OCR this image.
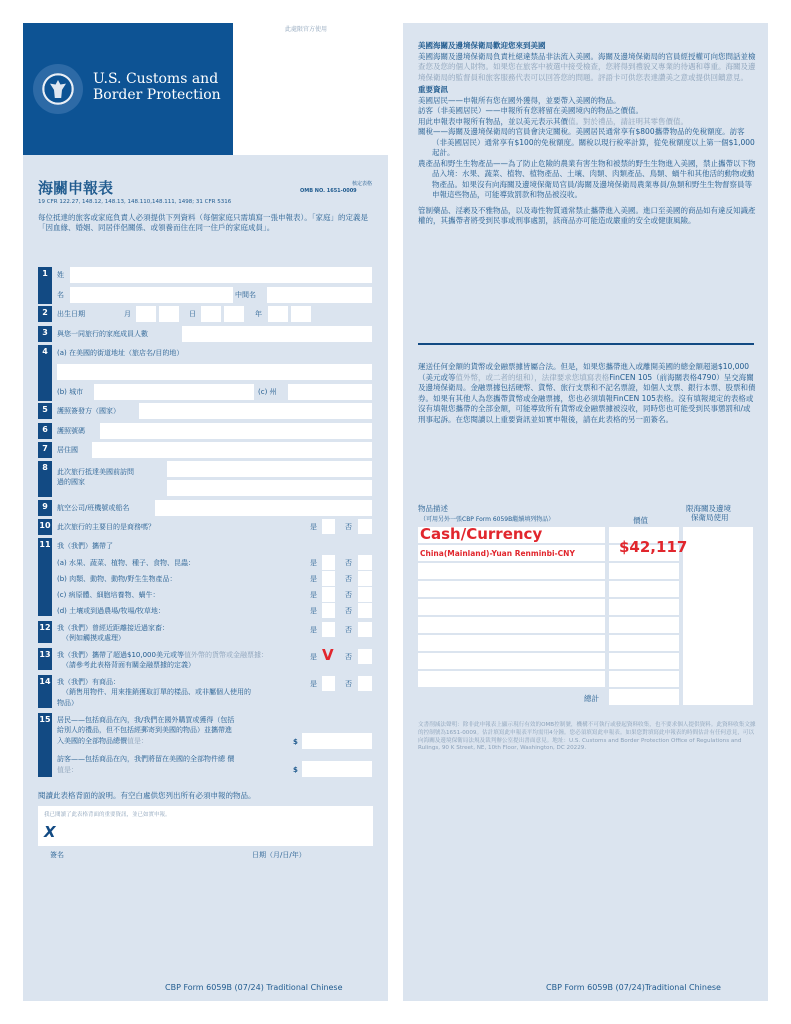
U.S. Customs and
Border Protection
此處限官方使用
海關申報表
19 CFR 122.27, 148.12, 148.13, 148.110,148.111, 1498; 31 CFR 5316
核定表格
OMB NO. 1651-0009
每位抵達的旅客或家庭負責人必須提供下列資料（每個家庭只需填寫一張申報表）。「家庭」的定義是「因血緣、婚姻、同居伴侶關係、或領養而住在同一住戶的家庭成員」。
1	姓
名	中間名
2	出生日期	月	日	年
3	與您一同旅行的家庭成員人數
4	(a) 在美國的街道地址（旅店名/目的地）
(b) 城市	(c) 州
5	護照簽發方（國家）
6	護照號碼
7	居住國
8	此次旅行抵達美國前訪問
過的國家
9	航空公司/班機號或船名
10 此次旅行的主要目的是商務嗎？	是	否
11 我（我們）攜帶了
(a) 水果、蔬菜、植物、種子、食物、昆蟲：	是	否
(b) 肉類、動物、動物/野生生物產品：	是	否
(c) 病原體、細胞培養物、蝸牛：	是	否
(d) 土壤或到過農場/牧場/牧草地：	是	否
12 我（我們）曾經近距離接近過家畜：
（例如觸摸或處理）
是	否
13 我（我們）攜帶了超過$10,000美元或等值外幣的貨幣或金融票據：
（請參考此表格背面有關金融票據的定義）
是 V 否
14 我（我們）有商品：
（銷售用物件、用來推銷獲取訂單的樣品、或非屬個人使用的
物品）
是	否
15 居民——包括商品在內，我/我們在國外購買或獲得（包括
給別人的禮品，但不包括經郵寄到美國的物品）並攜帶進
入美國的全部物品總價值是：	$
訪客——包括商品在內，我們將留在美國的全部物件總 價
值是：	$
閱讀此表格背面的說明。有空白處供您列出所有必須申報的物品。
我已閱讀了此表格背面的重要資訊，並已如實申報。
X
簽名	日期（月/日/年）
CBP Form 6059B (07/24) Traditional Chinese
美國海關及邊境保衛局歡迎您來到美國
美國海關及邊境保衛局負責杜絕違禁品非法流入美國。海關及邊境保衛局的官員經授權可向您問話並檢查您及您的個人財物。如果您在旅客中被選中接受檢查，您將得到禮貌又專業的待遇和尊重。海關及邊境保衛局的監督員和旅客服務代表可以回答您的問題。評語卡可供您表達讚美之意或提供回饋意見。
重要資訊
美國居民——申報所有您在國外獲得，並要帶入美國的物品。
訪客（非美國居民）——申報所有您將留在美國境內的物品之價值。
用此申報表申報所有物品，並以美元表示其價值。對於禮品，請註明其零售價值。
關稅——海關及邊境保衛局的官員會決定關稅。美國居民通常享有$800攜帶物品的免稅額度。訪客（非美國居民）通常享有$100的免稅額度。關稅以現行稅率計算，從免稅額度以上第一個$1,000起計。
農產品和野生生物產品——為了防止危險的農業有害生物和被禁的野生生物進入美國，禁止攜帶以下物品入境：水果、蔬菜、植物、植物產品、土壤、肉類、肉類產品、鳥類、蝸牛和其他活的動物或動物產品。如果沒有向海關及邊境保衛局官員/海關及邊境保衛局農業專員/魚類和野生生物督察員等申報這些物品，可能導致罰款和物品被沒收。
管制藥品、淫褻及不雅物品，以及毒性物質通常禁止攜帶進入美國。進口至美國的商品如有違反知識產權的，其攜帶者將受到民事或刑事處罰，該商品亦可能造成嚴重的安全或健康風險。
運送任何金額的貨幣或金融票據皆屬合法。但是，如果您攜帶進入或離開美國的總金額超過$10,000（美元或等值外幣，或二者的組和），法律要求您填寫表格FinCEN 105（前海關表格4790）呈交海關及邊境保衛局。金融票據包括硬幣、貨幣、旅行支票和不記名票證，如個人支票、銀行本票、股票和債券。如果有其他人為您攜帶貨幣或金融票據，您也必須填報FinCEN 105表格。沒有填報規定的表格或沒有填報您攜帶的全部金額，可能導致所有貨幣或金融票據被沒收，同時您也可能受到民事懲罰和/或刑事起訴。在您閱讀以上重要資訊並如實申報後，請在此表格的另一面簽名。
物品描述
（可用另外一張CBP Form 6059B繼續填列物品）	價值
限海關及邊境
保衛局使用
Cash/Currency
China(Mainland)-Yuan Renminbi-CNY	$42,117
總計
文書削減法聲明：除非此申報表上顯示現行有效的OMB控制號，機構不可執行或發起資料收集，也不要求個人提供資料。此資料收集文據的控制號為1651-0009。估計填寫此申報表平均需用4分鐘。您必須填寫此申報表。如果您對填寫此申報表的時間估計有任何意見，可以向海關及邊境保衛局法規及裁判辦公室提出書面意見。地址：U.S. Customs and Border Protection Office of Regulations and Rulings, 90 K Street, NE, 10th Floor, Washington, DC 20229.
CBP Form 6059B (07/24)Traditional Chinese
